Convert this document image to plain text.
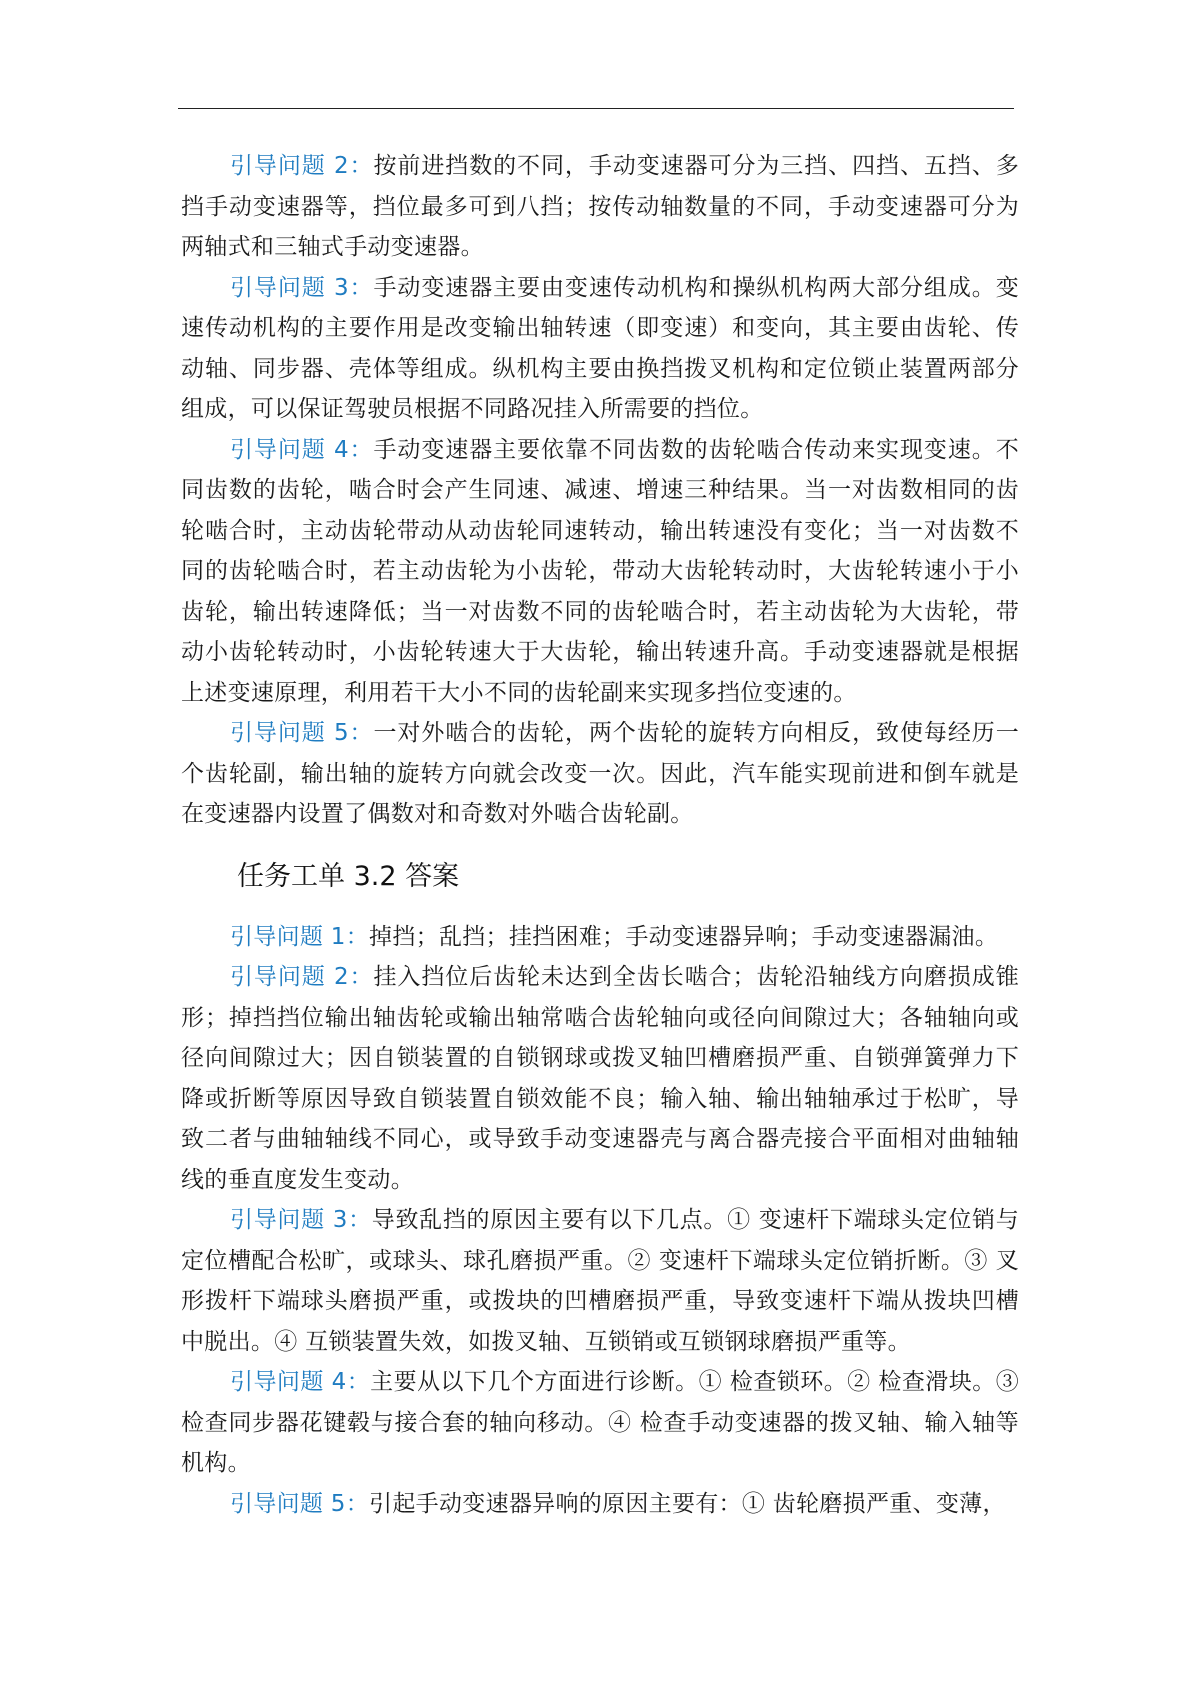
引导问题 2：按前进挡数的不同，手动变速器可分为三挡、四挡、五挡、多挡手动变速器等，挡位最多可到八挡；按传动轴数量的不同，手动变速器可分为两轴式和三轴式手动变速器。

引导问题 3：手动变速器主要由变速传动机构和操纵机构两大部分组成。变速传动机构的主要作用是改变输出轴转速（即变速）和变向，其主要由齿轮、传动轴、同步器、壳体等组成。纵机构主要由换挡拨叉机构和定位锁止装置两部分组成，可以保证驾驶员根据不同路况挂入所需要的挡位。

引导问题 4：手动变速器主要依靠不同齿数的齿轮啮合传动来实现变速。不同齿数的齿轮，啮合时会产生同速、减速、增速三种结果。当一对齿数相同的齿轮啮合时，主动齿轮带动从动齿轮同速转动，输出转速没有变化；当一对齿数不同的齿轮啮合时，若主动齿轮为小齿轮，带动大齿轮转动时，大齿轮转速小于小齿轮，输出转速降低；当一对齿数不同的齿轮啮合时，若主动齿轮为大齿轮，带动小齿轮转动时，小齿轮转速大于大齿轮，输出转速升高。手动变速器就是根据上述变速原理，利用若干大小不同的齿轮副来实现多挡位变速的。

引导问题 5：一对外啮合的齿轮，两个齿轮的旋转方向相反，致使每经历一个齿轮副，输出轴的旋转方向就会改变一次。因此，汽车能实现前进和倒车就是在变速器内设置了偶数对和奇数对外啮合齿轮副。

任务工单 3.2 答案

引导问题 1：掉挡；乱挡；挂挡困难；手动变速器异响；手动变速器漏油。

引导问题 2：挂入挡位后齿轮未达到全齿长啮合；齿轮沿轴线方向磨损成锥形；掉挡挡位输出轴齿轮或输出轴常啮合齿轮轴向或径向间隙过大；各轴轴向或径向间隙过大；因自锁装置的自锁钢球或拨叉轴凹槽磨损严重、自锁弹簧弹力下降或折断等原因导致自锁装置自锁效能不良；输入轴、输出轴轴承过于松旷，导致二者与曲轴轴线不同心，或导致手动变速器壳与离合器壳接合平面相对曲轴轴线的垂直度发生变动。

引导问题 3：导致乱挡的原因主要有以下几点。① 变速杆下端球头定位销与定位槽配合松旷，或球头、球孔磨损严重。② 变速杆下端球头定位销折断。③ 叉形拨杆下端球头磨损严重，或拨块的凹槽磨损严重，导致变速杆下端从拨块凹槽中脱出。④ 互锁装置失效，如拨叉轴、互锁销或互锁钢球磨损严重等。

引导问题 4：主要从以下几个方面进行诊断。① 检查锁环。② 检查滑块。③ 检查同步器花键毂与接合套的轴向移动。④ 检查手动变速器的拨叉轴、输入轴等机构。

引导问题 5：引起手动变速器异响的原因主要有：① 齿轮磨损严重、变薄，
